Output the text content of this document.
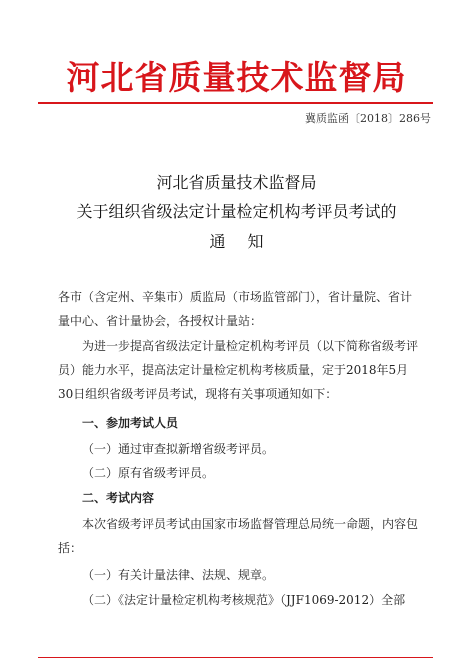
河北省质量技术监督局
冀质监函〔2018〕286号
河北省质量技术监督局
关于组织省级法定计量检定机构考评员考试的
通知
各市（含定州、辛集市）质监局（市场监管部门），省计量院、省计量中心、省计量协会，各授权计量站：
为进一步提高省级法定计量检定机构考评员（以下简称省级考评员）能力水平，提高法定计量检定机构考核质量，定于2018年5月30日组织省级考评员考试，现将有关事项通知如下：
一、参加考试人员
（一）通过审查拟新增省级考评员。
（二）原有省级考评员。
二、考试内容
本次省级考评员考试由国家市场监督管理总局统一命题，内容包括：
（一）有关计量法律、法规、规章。
（二）《法定计量检定机构考核规范》（JJF1069-2012）全部
